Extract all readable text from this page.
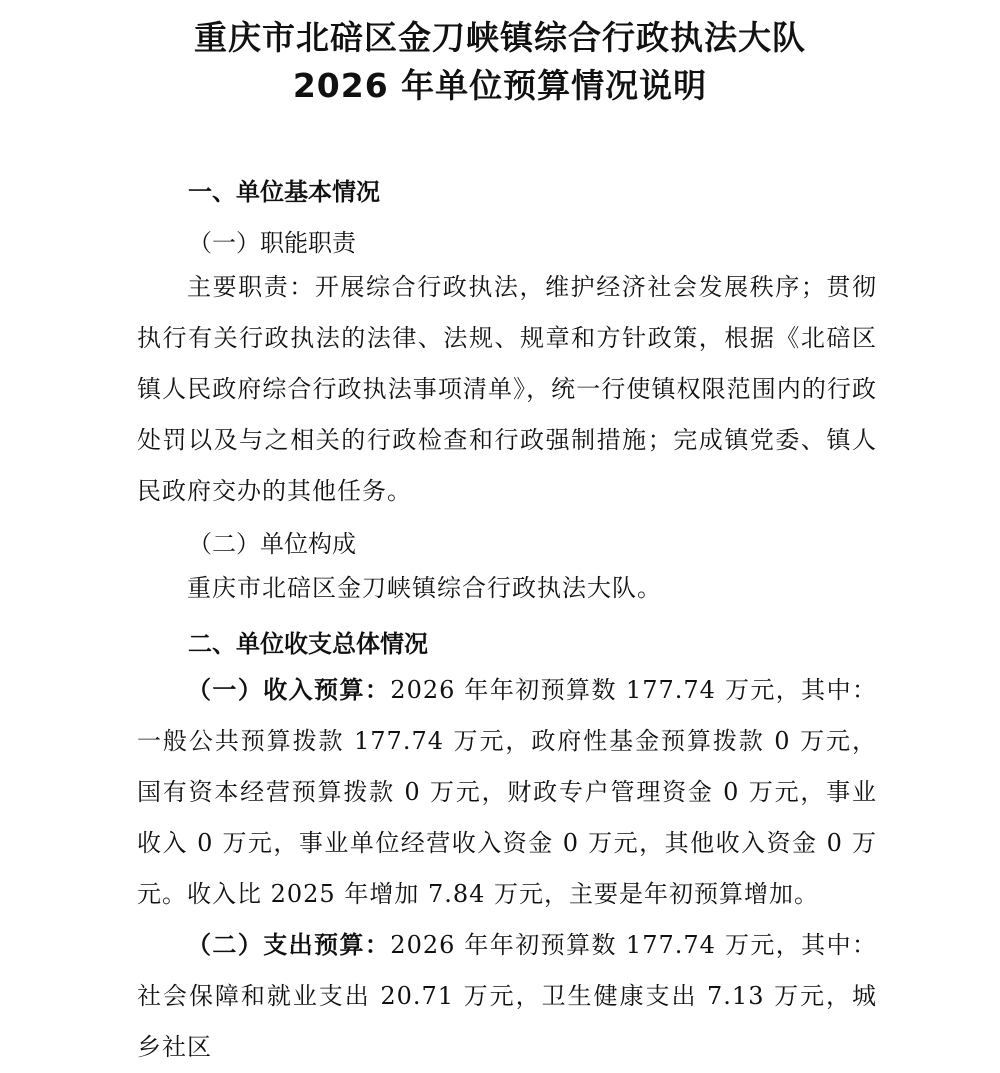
重庆市北碚区金刀峡镇综合行政执法大队
2026 年单位预算情况说明
一、单位基本情况
（一）职能职责
主要职责：开展综合行政执法，维护经济社会发展秩序；贯彻执行有关行政执法的法律、法规、规章和方针政策，根据《北碚区镇人民政府综合行政执法事项清单》，统一行使镇权限范围内的行政处罚以及与之相关的行政检查和行政强制措施；完成镇党委、镇人民政府交办的其他任务。
（二）单位构成
重庆市北碚区金刀峡镇综合行政执法大队。
二、单位收支总体情况
（一）收入预算：2026 年年初预算数 177.74 万元，其中：一般公共预算拨款 177.74 万元，政府性基金预算拨款 0 万元，国有资本经营预算拨款 0 万元，财政专户管理资金 0 万元，事业收入 0 万元，事业单位经营收入资金 0 万元，其他收入资金 0 万元。收入比 2025 年增加 7.84 万元，主要是年初预算增加。
（二）支出预算：2026 年年初预算数 177.74 万元，其中：社会保障和就业支出 20.71 万元，卫生健康支出 7.13 万元，城乡社区
